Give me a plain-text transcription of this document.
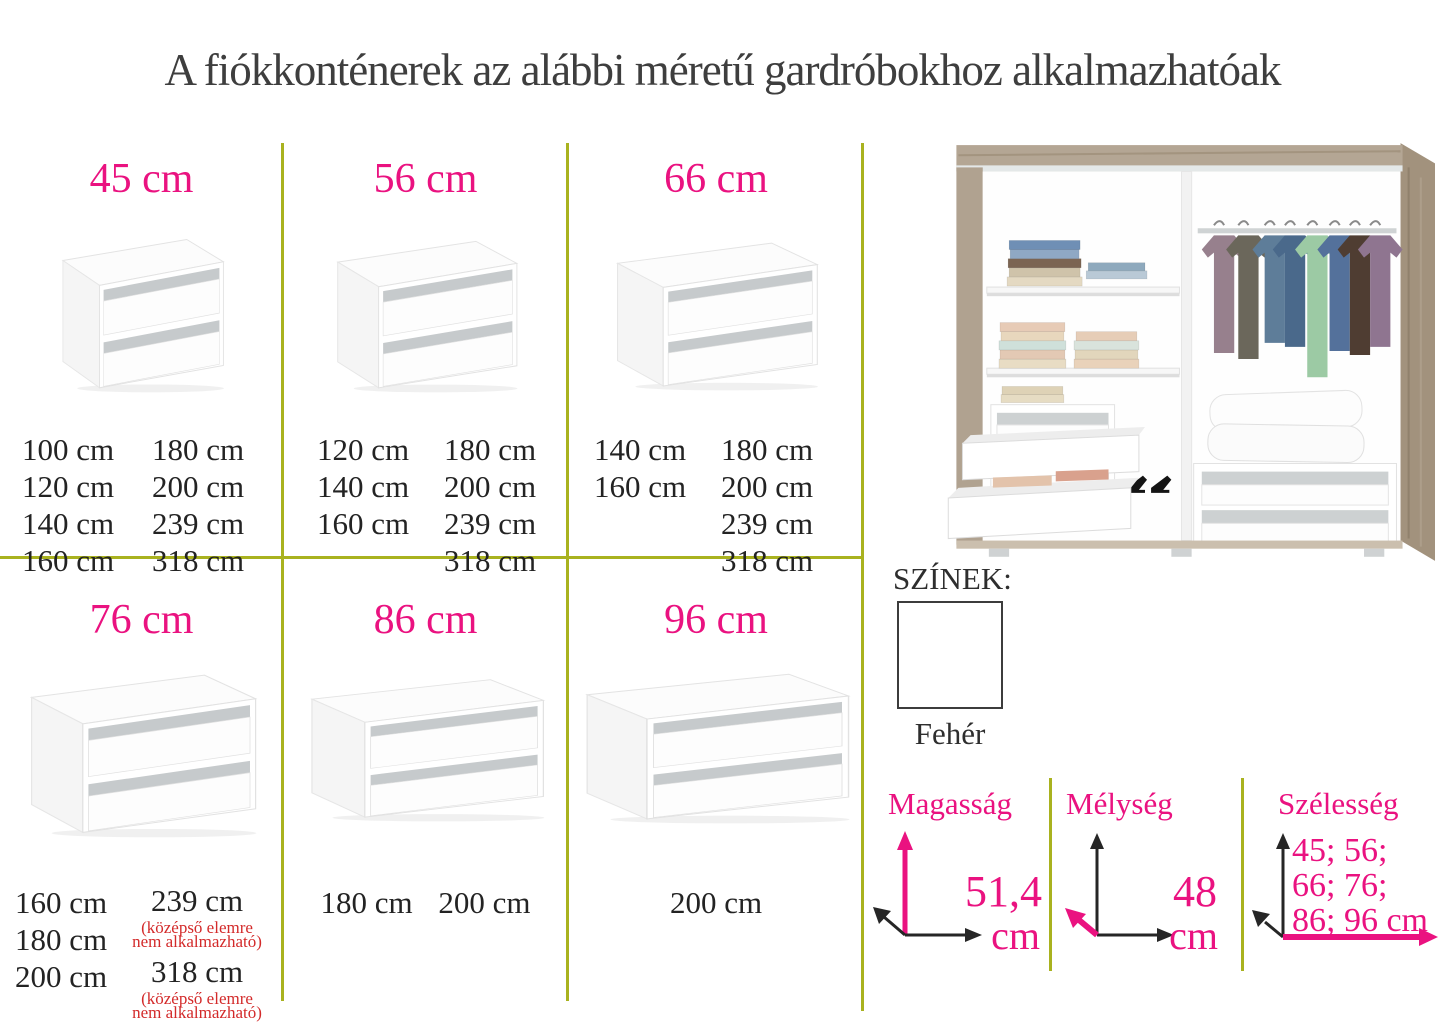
A fiókkonténerek az alábbi méretű gardróbokhoz alkalmazhatóak
45 cm
100 cm
120 cm
140 cm
160 cm
180 cm
200 cm
239 cm
318 cm
56 cm
120 cm
140 cm
160 cm
180 cm
200 cm
239 cm
318 cm
66 cm
140 cm
160 cm
180 cm
200 cm
239 cm
318 cm
76 cm
160 cm
180 cm
200 cm
239 cm
(középső elemre
nem alkalmazható)
318 cm
(középső elemre
nem alkalmazható)
86 cm
180 cm 200 cm
96 cm
200 cm
SZÍNEK:
Fehér
Magasság Mélység	Szélesség
51,4
cm
48
cm
45; 56;
66; 76;
86; 96 cm
